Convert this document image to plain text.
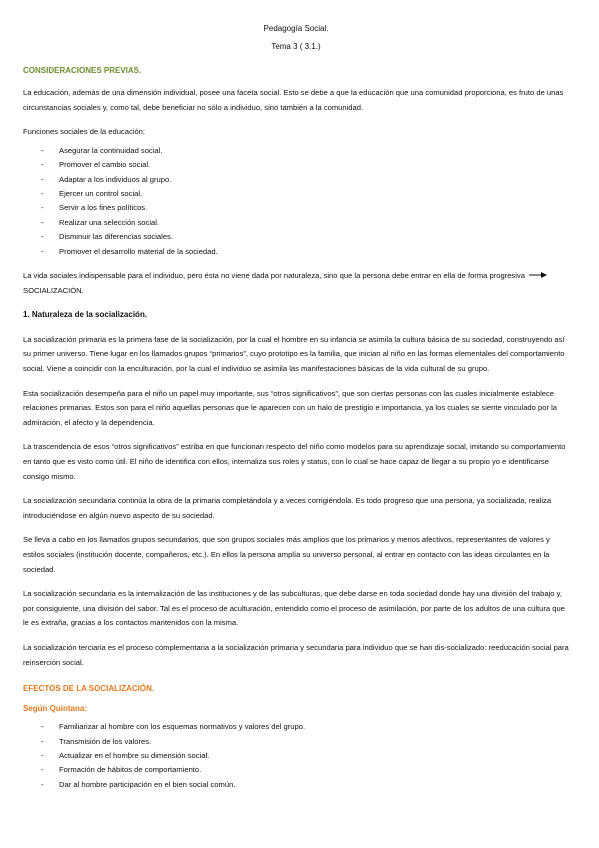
Pedagogía Social.
Tema 3 ( 3.1.)
CONSIDERACIONES PREVIAS.

La educación, además de una dimensión individual, posee una faceta social. Esto se debe a que la educación que una comunidad proporciona, es fruto de unas circunstancias sociales y, como tal, debe beneficiar no sólo a individuo, sino también a la comunidad.

Funciones sociales de la educación:

- Asegurar la continuidad social.
- Promover el cambio social.
- Adaptar a los individuos al grupo.
- Ejercer un control social.
- Servir a los fines políticos.
- Realizar una selección social.
- Disminuir las diferencias sociales.
- Promover el desarrollo material de la sociedad.

La vida sociales indispensable para el individuo, pero ésta no viene dada por naturaleza, sino que la persona debe entrar en ella de forma progresiva  SOCIALIZACIÓN.

1. Naturaleza de la socialización.

La socialización primaria es la primera fase de la socialización, por la cual el hombre en su infancia se asimila la cultura básica de su sociedad, construyendo así su primer universo. Tiene lugar en los llamados grupos “primarios”, cuyo prototipo es la familia, que inician al niño en las formas elementales del comportamiento social. Viene a coincidir con la enculturación, por la cual el individuo se asimila las manifestaciones básicas de la vida cultural de su grupo.

Esta socialización desempeña para el niño un papel muy importante, sus “otros significativos”, que son ciertas personas con las cuales inicialmente establece relaciones primarias. Estos son para el niño aquellas personas que le aparecen con un halo de prestigio e importancia, ya los cuales se siente vinculado por la admiración, el afecto y la dependencia.

La trascendencia de esos “otros significativos” estriba en que funcionan respecto del niño como modelos para su aprendizaje social, imitando su comportamiento en tanto que es visto como útil. El niño de identifica con ellos, internaliza sus roles y status, con lo cual se hace capaz de llegar a su propio yo e identificarse consigo mismo.

La socialización secundaria continúa la obra de la primaria completándola y a veces corrigiéndola. Es todo progreso que una persona, ya socializada, realiza introduciéndose en algún nuevo aspecto de su sociedad.

Se lleva a cabo en los llamados grupos secundarios, que son grupos sociales más amplios que los primarios y menos afectivos, representantes de valores y estilos sociales (institución docente, compañeros, etc.). En ellos la persona amplía su universo personal, al entrar en contacto con las ideas circulantes en la sociedad.

La socialización secundaria es la internalización de las instituciones y de las subculturas, que debe darse en toda sociedad donde hay una división del trabajo y, por consiguiente, una división del sabor. Tal es el proceso de aculturación, entendido como el proceso de asimilación, por parte de los adultos de una cultura que le es extraña, gracias a los contactos mantenidos con la misma.

La socialización terciaria es el proceso complementaria a la socialización primaria y secundaria para individuo que se han dis-socializado: reeducación social para reinserción social.

EFECTOS DE LA SOCIALIZACIÓN.
Según Quintana:
- Familiarizar al hombre con los esquemas normativos y valores del grupo.
- Transmisión de los valores.
- Actualizar en el hombre su dimensión social.
- Formación de hábitos de comportamiento.
- Dar al hombre participación en el bien social común.
